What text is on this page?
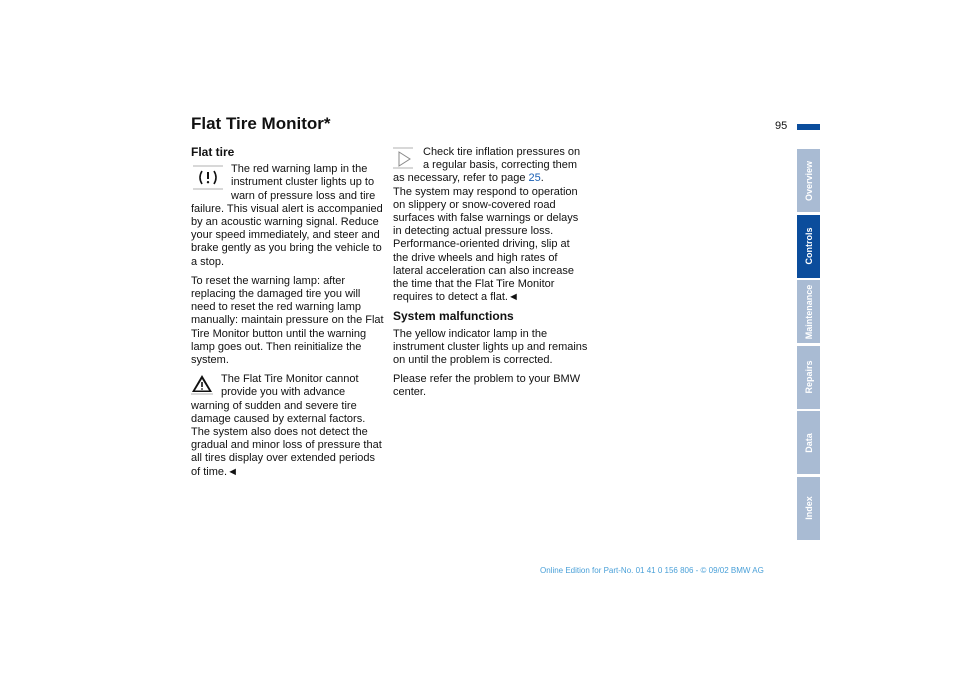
Flat Tire Monitor*	95
Flat tire

The red warning lamp in the instrument cluster lights up to warn of pressure loss and tire failure. This visual alert is accompanied by an acoustic warning signal. Reduce your speed immediately, and steer and brake gently as you bring the vehicle to a stop.

To reset the warning lamp: after replacing the damaged tire you will need to reset the red warning lamp manually: maintain pressure on the Flat Tire Monitor button until the warning lamp goes out. Then reinitialize the system.

The Flat Tire Monitor cannot provide you with advance warning of sudden and severe tire damage caused by external factors. The system also does not detect the gradual and minor loss of pressure that all tires display over extended periods of time.◄

Check tire inflation pressures on a regular basis, correcting them as necessary, refer to page 25.

The system may respond to operation on slippery or snow-covered road surfaces with false warnings or delays in detecting actual pressure loss.

Performance-oriented driving, slip at the drive wheels and high rates of lateral acceleration can also increase the time that the Flat Tire Monitor requires to detect a flat.◄

System malfunctions

The yellow indicator lamp in the instrument cluster lights up and remains on until the problem is corrected.

Please refer the problem to your BMW center.

Overview
Controls
Maintenance
Repairs
Data
Index
Online Edition for Part-No. 01 41 0 156 806 - © 09/02 BMW AG
